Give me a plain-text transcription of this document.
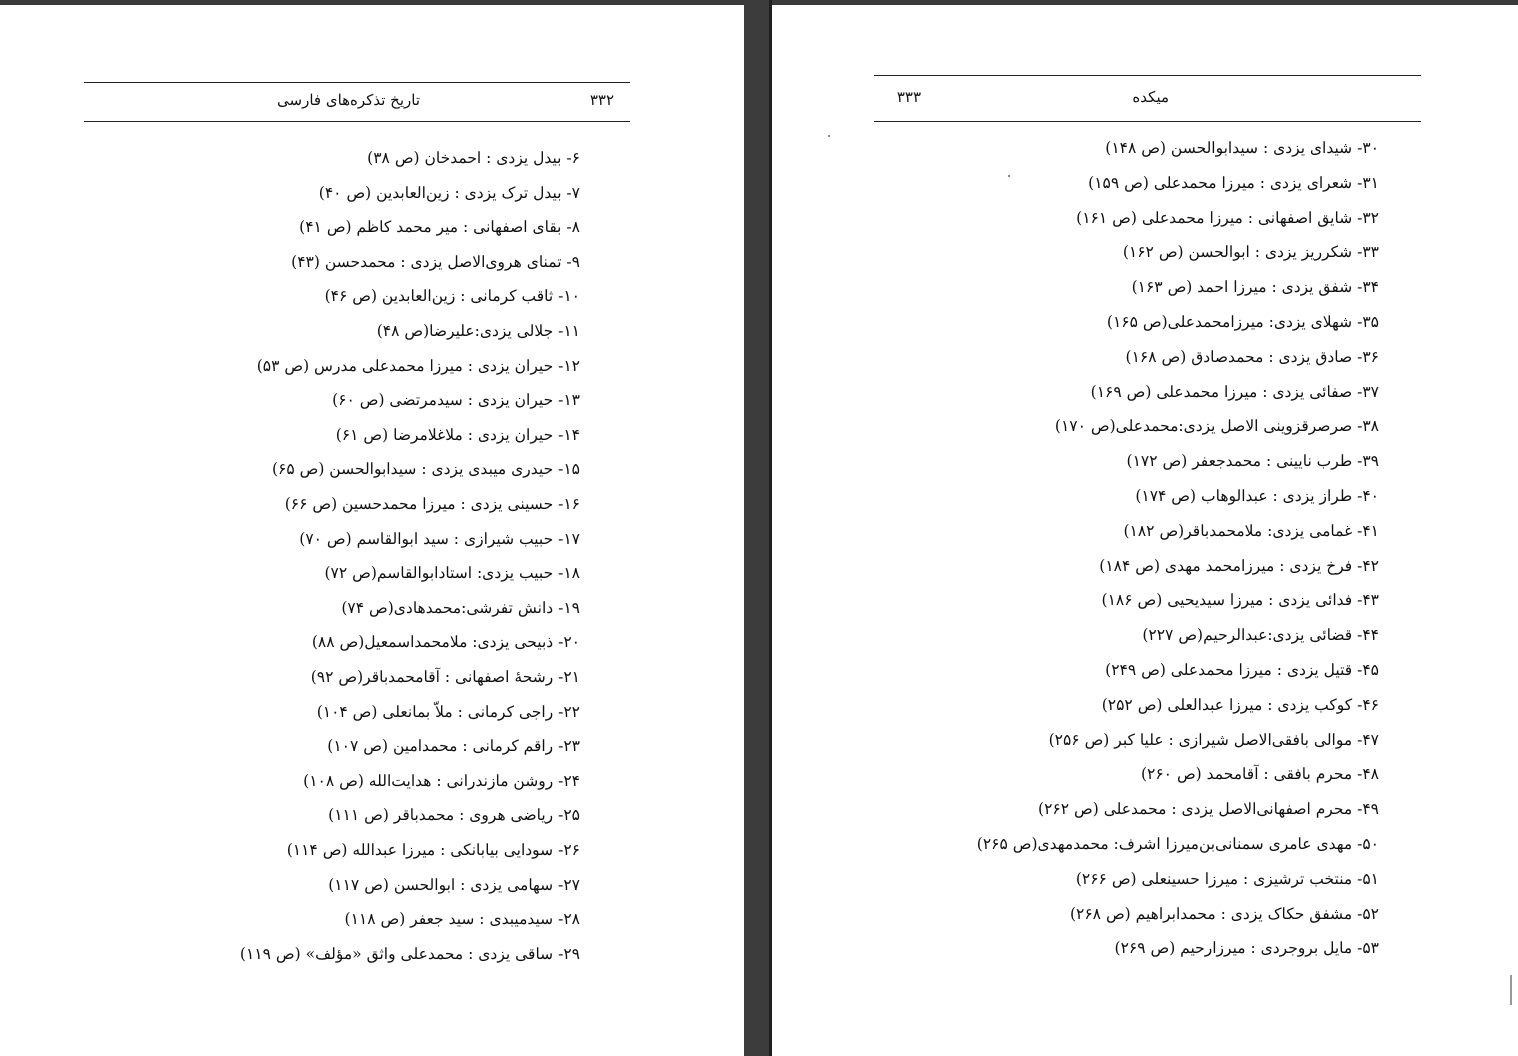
تاریخ تذکره‌های فارسی	۳۳۲
۶- بیدل یزدی : احمدخان (ص ۳۸)
۷- بیدل ترک یزدی : زین‌العابدین (ص ۴۰)
۸- بقای اصفهانی : میر محمد کاظم (ص ۴۱)
۹- تمنای هروی‌الاصل یزدی : محمدحسن (۴۳)
۱۰- ثاقب کرمانی : زین‌العابدین (ص ۴۶)
۱۱- جلالی یزدی:علیرضا(ص ۴۸)
۱۲- حیران یزدی : میرزا محمدعلی مدرس (ص ۵۳)
۱۳- حیران یزدی : سیدمرتضی (ص ۶۰)
۱۴- حیران یزدی : ملاغلامرضا (ص ۶۱)
۱۵- حیدری میبدی یزدی : سیدابوالحسن (ص ۶۵)
۱۶- حسینی یزدی : میرزا محمدحسین (ص ۶۶)
۱۷- حبیب شیرازی : سید ابوالقاسم (ص ۷۰)
۱۸- حبیب یزدی: استادابوالقاسم(ص ۷۲)
۱۹- دانش تفرشی:محمدهادی(ص ۷۴)
۲۰- ذبیحی یزدی: ملامحمداسمعیل(ص ۸۸)
۲۱- رشحهٔ اصفهانی : آقامحمدباقر(ص ۹۲)
۲۲- راجی کرمانی : ملاّ بمانعلی (ص ۱۰۴)
۲۳- راقم کرمانی : محمدامین (ص ۱۰۷)
۲۴- روشن مازندرانی : هدایت‌الله (ص ۱۰۸)
۲۵- ریاضی هروی : محمدباقر (ص ۱۱۱)
۲۶- سودایی بیابانکی : میرزا عبدالله (ص ۱۱۴)
۲۷- سهامی یزدی : ابوالحسن (ص ۱۱۷)
۲۸- سیدمیبدی : سید جعفر (ص ۱۱۸)
۲۹- ساقی یزدی : محمدعلی واثق «مؤلف» (ص ۱۱۹)
میکده
۳۳۳
۳۰- شیدای یزدی : سیدابوالحسن (ص ۱۴۸)
۳۱- شعرای یزدی : میرزا محمدعلی (ص ۱۵۹)
۳۲- شایق اصفهانی : میرزا محمدعلی (ص ۱۶۱)
۳۳- شکرریز یزدی : ابوالحسن (ص ۱۶۲)
۳۴- شفق یزدی : میرزا احمد (ص ۱۶۳)
۳۵- شهلای یزدی: میرزامحمدعلی(ص ۱۶۵)
۳۶- صادق یزدی : محمدصادق (ص ۱۶۸)
۳۷- صفائی یزدی : میرزا محمدعلی (ص ۱۶۹)
۳۸- صرصرقزوینی الاصل یزدی:محمدعلی(ص ۱۷۰)
۳۹- طرب نایینی : محمدجعفر (ص ۱۷۲)
۴۰- طراز یزدی : عبدالوهاب (ص ۱۷۴)
۴۱- غمامی یزدی: ملامحمدباقر(ص ۱۸۲)
۴۲- فرخ یزدی : میرزامحمد مهدی (ص ۱۸۴)
۴۳- فدائی یزدی : میرزا سیدیحیی (ص ۱۸۶)
۴۴- قضائی یزدی:عبدالرحیم(ص ۲۲۷)
۴۵- قتیل یزدی : میرزا محمدعلی (ص ۲۴۹)
۴۶- کوکب یزدی : میرزا عبدالعلی (ص ۲۵۲)
۴۷- موالی بافقی‌الاصل شیرازی : علیا کبر (ص ۲۵۶)
۴۸- محرم بافقی : آقامحمد (ص ۲۶۰)
۴۹- محرم اصفهانی‌الاصل یزدی : محمدعلی (ص ۲۶۲)
۵۰- مهدی عامری سمنانی‌بن‌میرزا اشرف: محمدمهدی(ص ۲۶۵)
۵۱- منتخب ترشیزی : میرزا حسینعلی (ص ۲۶۶)
۵۲- مشفق حکاک یزدی : محمدابراهیم (ص ۲۶۸)
۵۳- مایل بروجردی : میرزارحیم (ص ۲۶۹)
